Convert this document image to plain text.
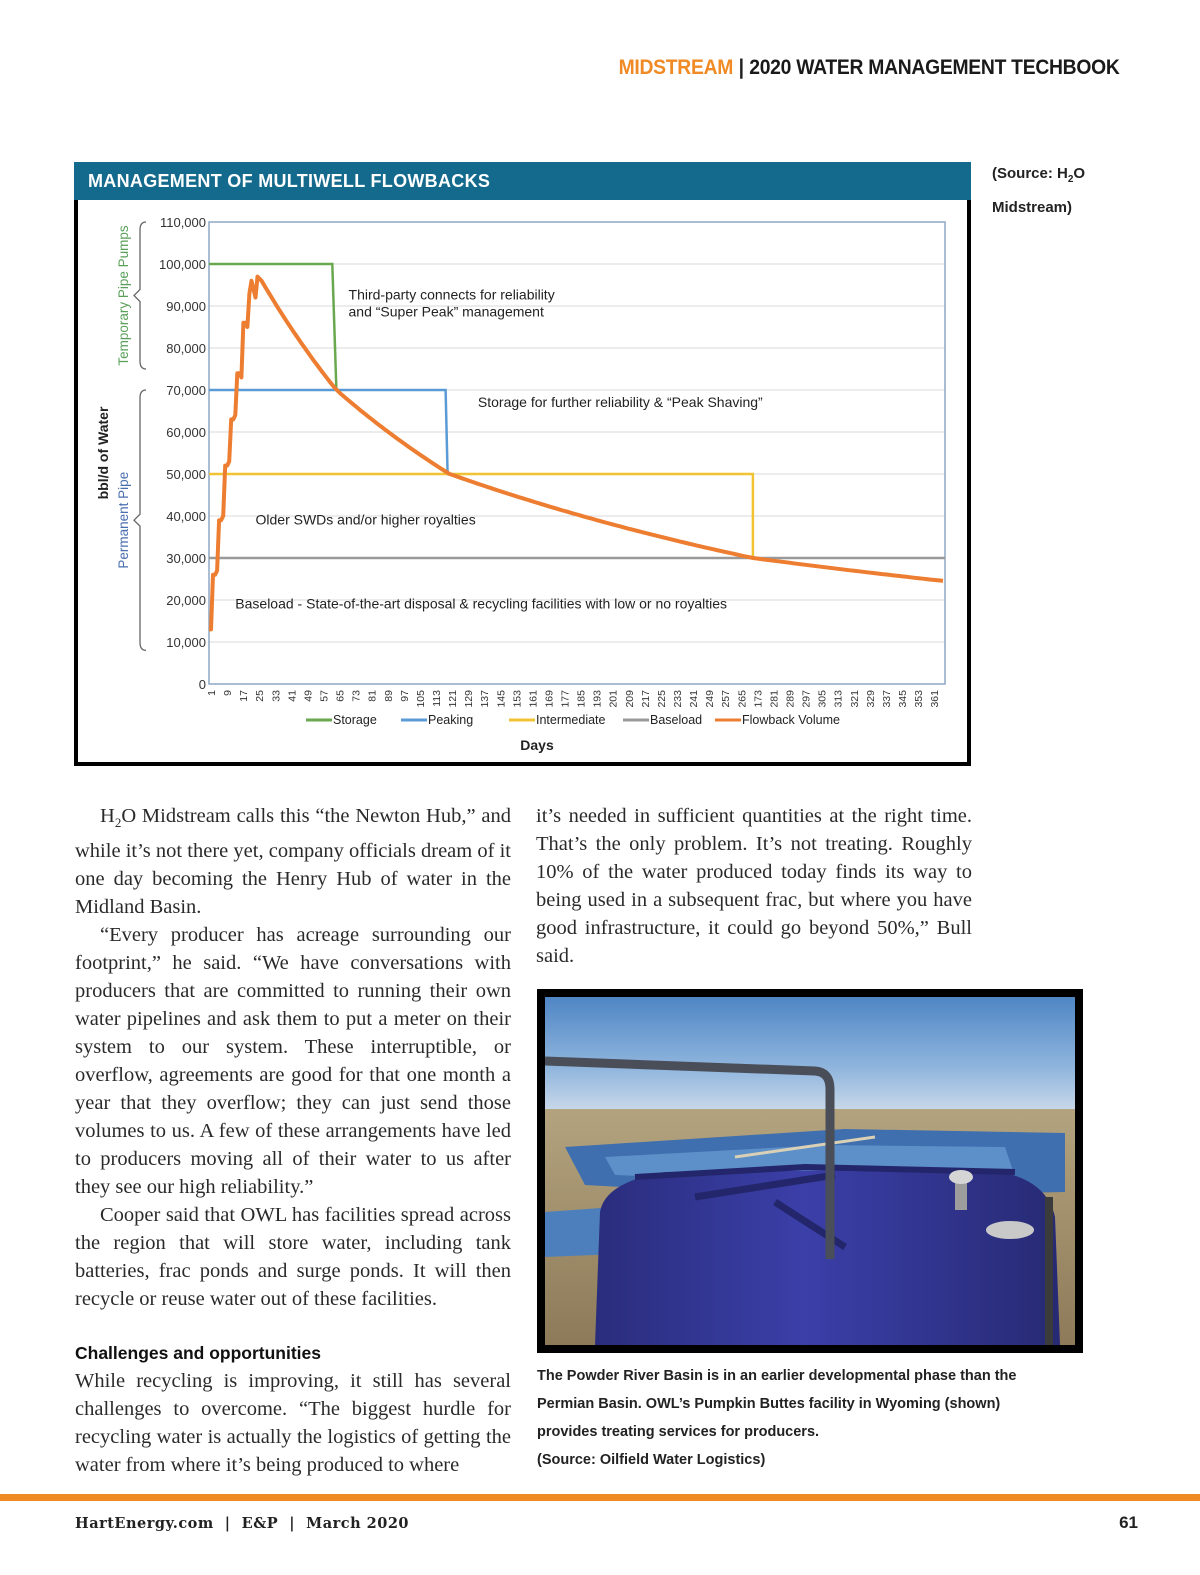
MIDSTREAM | 2020 WATER MANAGEMENT TECHBOOK
MANAGEMENT OF MULTIWELL FLOWBACKS
0
10,000
20,000
30,000
40,000
50,000
60,000
70,000
80,000
90,000
100,000
110,000
1 9 17 25 33 41 49 57 65 73 81 89 97 105 113 121 129 137 145 153 161 169 177 185 193 201 209 217 225 233 241 249 257 265 173 281 289 297 305 313 321 329 337 345 353 361
Temporary Pipe Pumps
Permanent Pipe
bbl/d of Water
Third-party connects for reliability
and “Super Peak” management
Storage for further reliability & “Peak Shaving”
Older SWDs and/or higher royalties
Baseload - State-of-the-art disposal & recycling facilities with low or no royalties
Storage	Peaking	Intermediate	Baseload	Flowback Volume
Days
(Source: $H_2O$
Midstream)

$H_2O$ Midstream calls this “the Newton Hub,” and while it’s not there yet, company officials dream of it one day becoming the Henry Hub of water in the Midland Basin.

“Every producer has acreage surrounding our footprint,” he said. “We have conversations with producers that are committed to running their own water pipelines and ask them to put a meter on their system to our system. These interruptible, or overflow, agreements are good for that one month a year that they overflow; they can just send those volumes to us. A few of these arrangements have led to producers moving all of their water to us after they see our high reliability.”

Cooper said that OWL has facilities spread across the region that will store water, including tank batteries, frac ponds and surge ponds. It will then recycle or reuse water out of these facilities.

Challenges and opportunities

While recycling is improving, it still has several challenges to overcome. “The biggest hurdle for recycling water is actually the logistics of getting the water from where it’s being produced to where

it’s needed in sufficient quantities at the right time. That’s the only problem. It’s not treating. Roughly 10% of the water produced today finds its way to being used in a subsequent frac, but where you have good infrastructure, it could go beyond 50%,” Bull said.

The Powder River Basin is in an earlier developmental phase than the
Permian Basin. OWL’s Pumpkin Buttes facility in Wyoming (shown)
provides treating services for producers.
(Source: Oilfield Water Logistics)
HartEnergy.com  |  E&P  |  March 2020	61
